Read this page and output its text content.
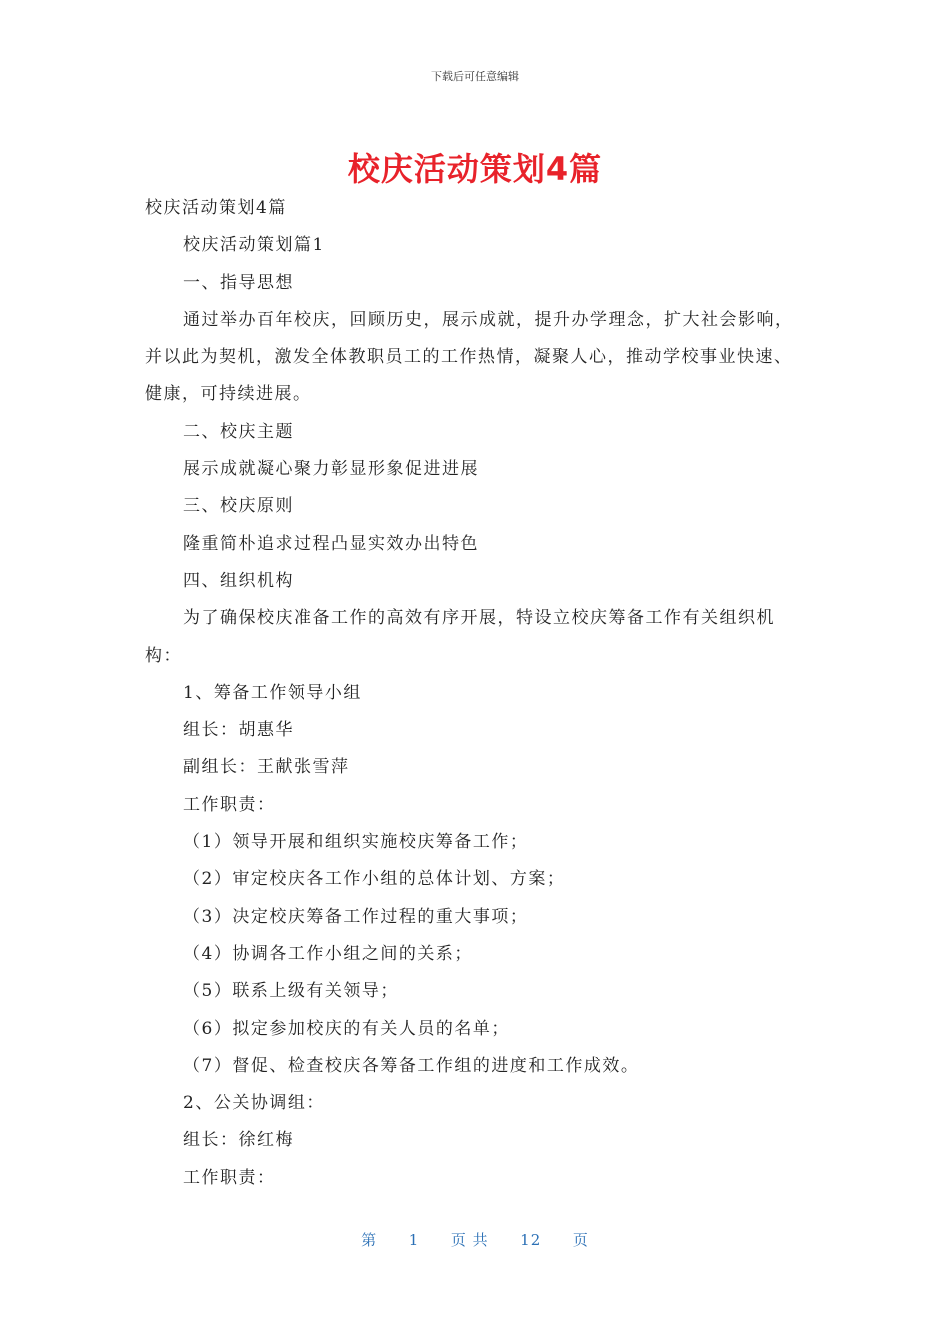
下载后可任意编辑
校庆活动策划4篇
校庆活动策划4篇
校庆活动策划篇1
一、指导思想
通过举办百年校庆，回顾历史，展示成就，提升办学理念，扩大社会影响，
并以此为契机，激发全体教职员工的工作热情，凝聚人心，推动学校事业快速、
健康，可持续进展。
二、校庆主题
展示成就凝心聚力彰显形象促进进展
三、校庆原则
隆重简朴追求过程凸显实效办出特色
四、组织机构
为了确保校庆准备工作的高效有序开展，特设立校庆筹备工作有关组织机
构：
1、筹备工作领导小组
组长：胡惠华
副组长：王献张雪萍
工作职责：
（1）领导开展和组织实施校庆筹备工作；
（2）审定校庆各工作小组的总体计划、方案；
（3）决定校庆筹备工作过程的重大事项；
（4）协调各工作小组之间的关系；
（5）联系上级有关领导；
（6）拟定参加校庆的有关人员的名单；
（7）督促、检查校庆各筹备工作组的进度和工作成效。
2、公关协调组：
组长：徐红梅
工作职责：
第 1 页 共 12 页
